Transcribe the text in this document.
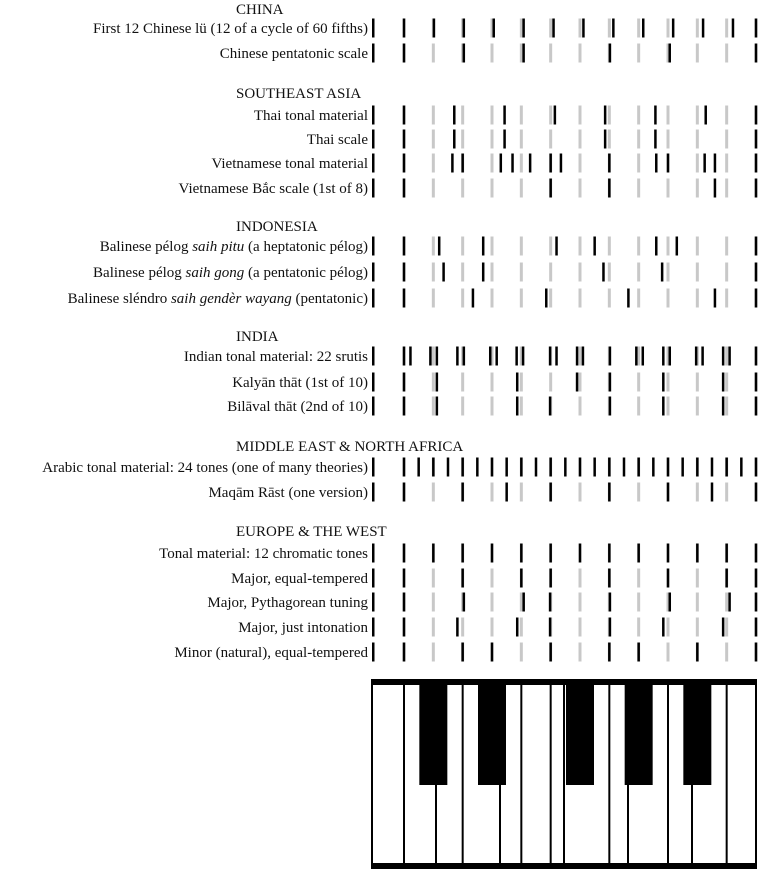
CHINA
First 12 Chinese lü (12 of a cycle of 60 fifths)
Chinese pentatonic scale
SOUTHEAST ASIA
Thai tonal material
Thai scale
Vietnamese tonal material
Vietnamese Bắc scale (1st of 8)
INDONESIA
Balinese pélog saih pitu (a heptatonic pélog)
Balinese pélog saih gong (a pentatonic pélog)
Balinese sléndro saih gendèr wayang (pentatonic)
INDIA
Indian tonal material: 22 srutis
Kalyān thāt (1st of 10)
Bilāval thāt (2nd of 10)
MIDDLE EAST & NORTH AFRICA
Arabic tonal material: 24 tones (one of many theories)
Maqām Rāst (one version)
EUROPE & THE WEST
Tonal material: 12 chromatic tones
Major, equal-tempered
Major, Pythagorean tuning
Major, just intonation
Minor (natural), equal-tempered
